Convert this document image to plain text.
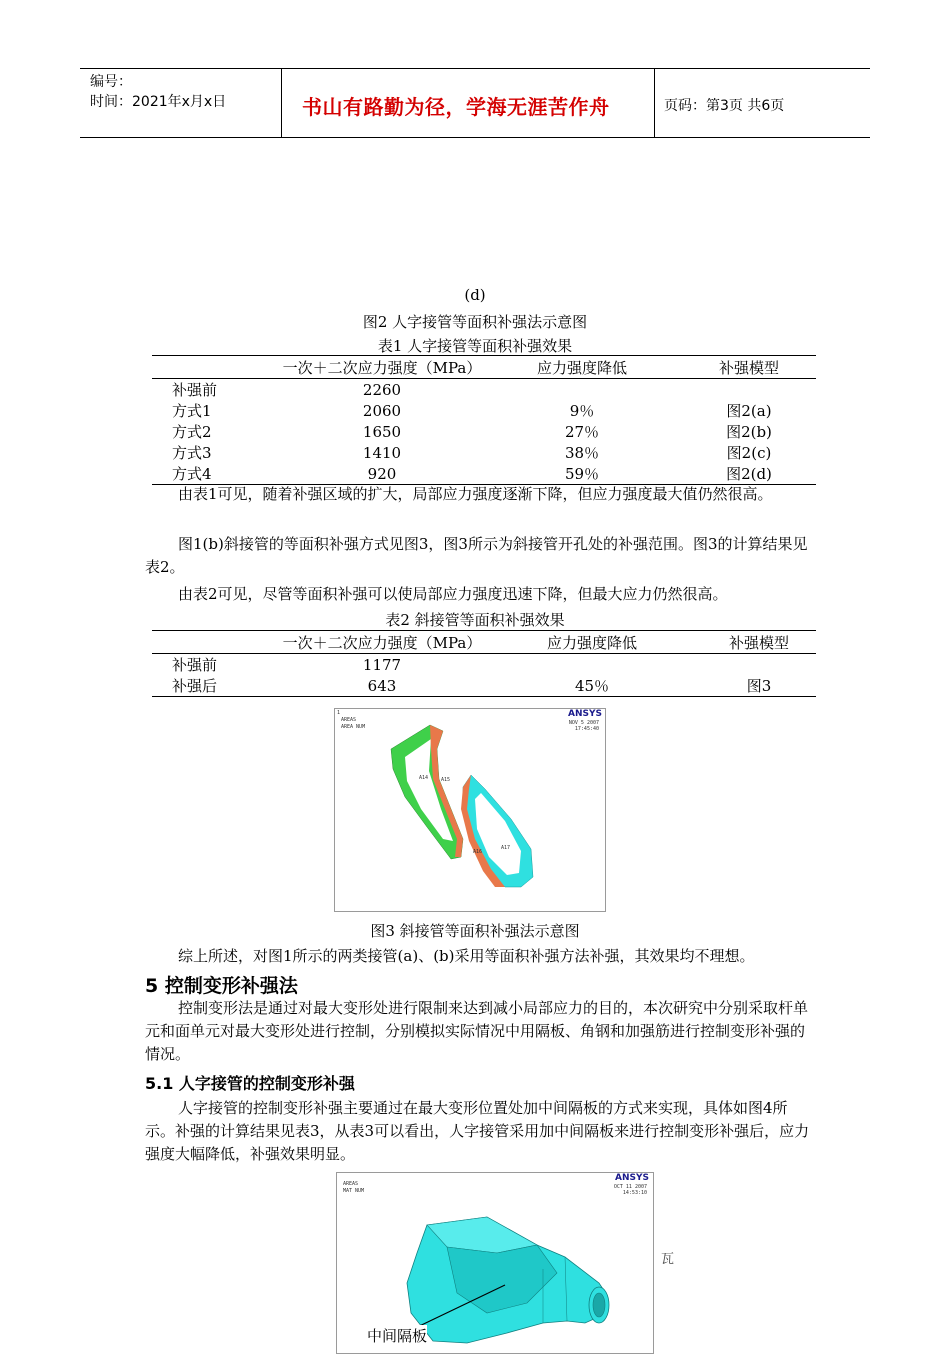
编号：
时间：2021年x月x日	书山有路勤为径，学海无涯苦作舟	页码：第3页 共6页
(d)
图2 人字接管等面积补强法示意图
表1 人字接管等面积补强效果
	一次＋二次应力强度（MPa）	应力强度降低	补强模型
补强前	2260		
方式1	2060	9％	图2(a)
方式2	1650	27％	图2(b)
方式3	1410	38％	图2(c)
方式4	920	59％	图2(d)
由表1可见，随着补强区域的扩大，局部应力强度逐渐下降，但应力强度最大值仍然很高。
图1(b)斜接管的等面积补强方式见图3，图3所示为斜接管开孔处的补强范围。图3的计算结果见表2。
由表2可见，尽管等面积补强可以使局部应力强度迅速下降，但最大应力仍然很高。
表2 斜接管等面积补强效果
	一次＋二次应力强度（MPa）	应力强度降低	补强模型
补强前	1177		
补强后	643	45％	图3
1
AREAS
AREA NUM
ANSYS
NOV 5 2007
17:45:40
A14	A15
A16
A17
图3 斜接管等面积补强法示意图
综上所述，对图1所示的两类接管(a)、(b)采用等面积补强方法补强，其效果均不理想。
5 控制变形补强法
控制变形法是通过对最大变形处进行限制来达到减小局部应力的目的，本次研究中分别采取杆单元和面单元对最大变形处进行控制，分别模拟实际情况中用隔板、角钢和加强筋进行控制变形补强的情况。
5.1 人字接管的控制变形补强
人字接管的控制变形补强主要通过在最大变形位置处加中间隔板的方式来实现，具体如图4所示。补强的计算结果见表3，从表3可以看出，人字接管采用加中间隔板来进行控制变形补强后，应力强度大幅降低，补强效果明显。
AREAS
MAT NUM
ANSYS
OCT 11 2007
14:53:10
中间隔板
瓦
